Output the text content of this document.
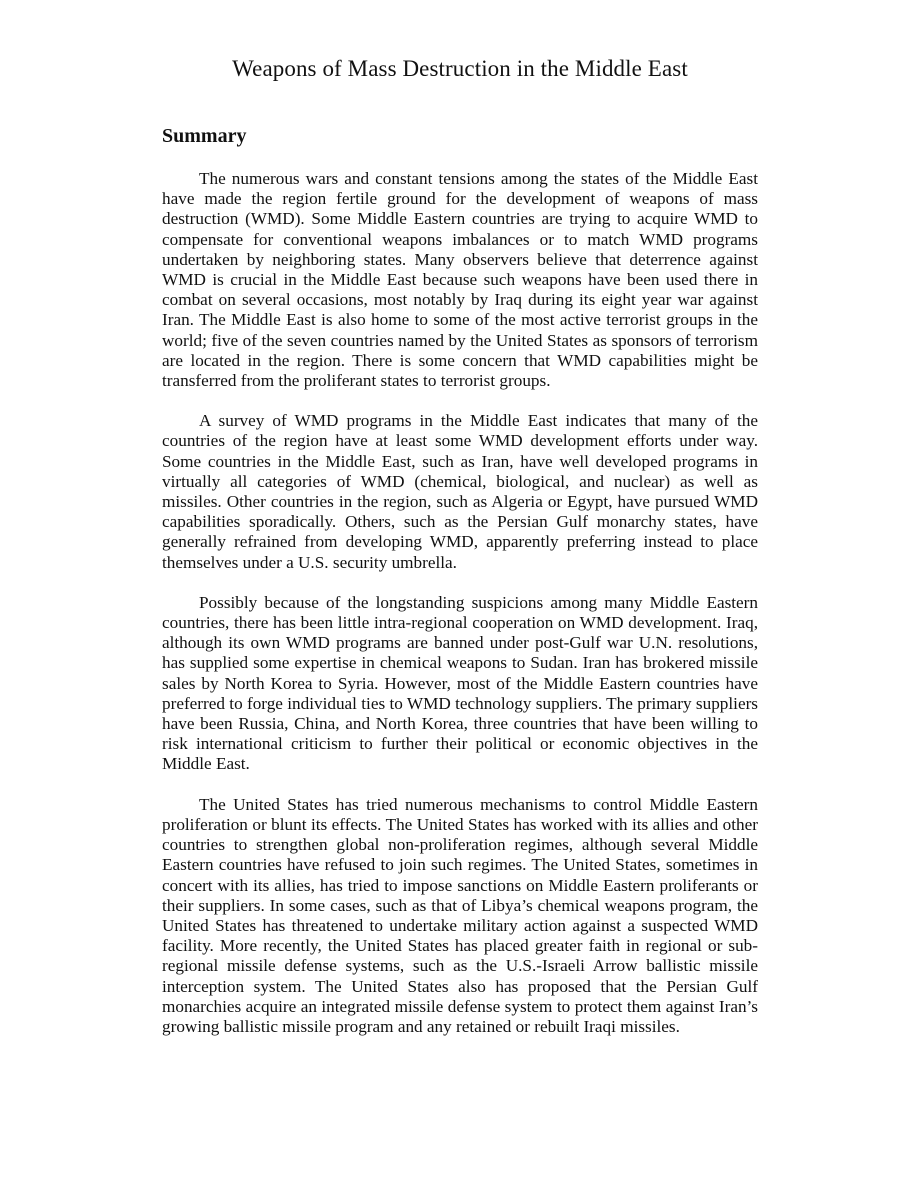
Weapons of Mass Destruction in the Middle East
Summary

The numerous wars and constant tensions among the states of the Middle East have made the region fertile ground for the development of weapons of mass destruction (WMD). Some Middle Eastern countries are trying to acquire WMD to compensate for conventional weapons imbalances or to match WMD programs undertaken by neighboring states. Many observers believe that deterrence against WMD is crucial in the Middle East because such weapons have been used there in combat on several occasions, most notably by Iraq during its eight year war against Iran. The Middle East is also home to some of the most active terrorist groups in the world; five of the seven countries named by the United States as sponsors of terrorism are located in the region. There is some concern that WMD capabilities might be transferred from the proliferant states to terrorist groups.

A survey of WMD programs in the Middle East indicates that many of the countries of the region have at least some WMD development efforts under way. Some countries in the Middle East, such as Iran, have well developed programs in virtually all categories of WMD (chemical, biological, and nuclear) as well as missiles. Other countries in the region, such as Algeria or Egypt, have pursued WMD capabilities sporadically. Others, such as the Persian Gulf monarchy states, have generally refrained from developing WMD, apparently preferring instead to place themselves under a U.S. security umbrella.

Possibly because of the longstanding suspicions among many Middle Eastern countries, there has been little intra-regional cooperation on WMD development. Iraq, although its own WMD programs are banned under post-Gulf war U.N. resolutions, has supplied some expertise in chemical weapons to Sudan. Iran has brokered missile sales by North Korea to Syria. However, most of the Middle Eastern countries have preferred to forge individual ties to WMD technology suppliers. The primary suppliers have been Russia, China, and North Korea, three countries that have been willing to risk international criticism to further their political or economic objectives in the Middle East.

The United States has tried numerous mechanisms to control Middle Eastern proliferation or blunt its effects. The United States has worked with its allies and other countries to strengthen global non-proliferation regimes, although several Middle Eastern countries have refused to join such regimes. The United States, sometimes in concert with its allies, has tried to impose sanctions on Middle Eastern proliferants or their suppliers. In some cases, such as that of Libya’s chemical weapons program, the United States has threatened to undertake military action against a suspected WMD facility. More recently, the United States has placed greater faith in regional or sub-regional missile defense systems, such as the U.S.-Israeli Arrow ballistic missile interception system. The United States also has proposed that the Persian Gulf monarchies acquire an integrated missile defense system to protect them against Iran’s growing ballistic missile program and any retained or rebuilt Iraqi missiles.
